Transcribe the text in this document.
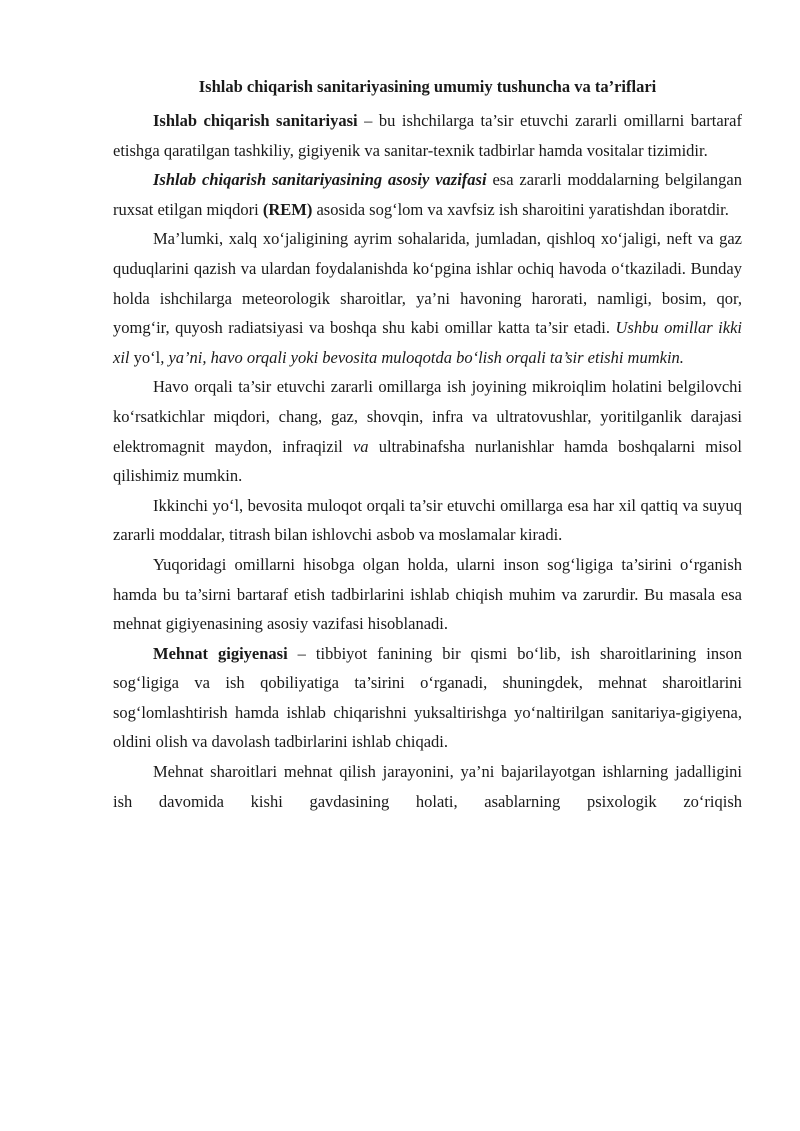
Ishlab chiqarish sanitariyasining umumiy tushuncha va ta’riflari

Ishlab chiqarish sanitariyasi – bu ishchilarga ta’sir etuvchi zararli omillarni bartaraf etishga qaratilgan tashkiliy, gigiyenik va sanitar-texnik tadbirlar hamda vositalar tizimidir.

Ishlab chiqarish sanitariyasining asosiy vazifasi esa zararli moddalarning belgilangan ruxsat etilgan miqdori (REM) asosida sog‘lom va xavfsiz ish sharoitini yaratishdan iboratdir.

Ma’lumki, xalq xo‘jaligining ayrim sohalarida, jumladan, qishloq xo‘jaligi, neft va gaz quduqlarini qazish va ulardan foydalanishda ko‘pgina ishlar ochiq havoda o‘tkaziladi. Bunday holda ishchilarga meteorologik sharoitlar, ya’ni havoning harorati, namligi, bosim, qor, yomg‘ir, quyosh radiatsiyasi va boshqa shu kabi omillar katta ta’sir etadi. Ushbu omillar ikki xil yo‘l, ya’ni, havo orqali yoki bevosita muloqotda bo‘lish orqali ta’sir etishi mumkin.

Havo orqali ta’sir etuvchi zararli omillarga ish joyining mikroiqlim holatini belgilovchi ko‘rsatkichlar miqdori, chang, gaz, shovqin, infra va ultratovushlar, yoritilganlik darajasi elektromagnit maydon, infraqizil va ultrabinafsha nurlanishlar hamda boshqalarni misol qilishimiz mumkin.

Ikkinchi yo‘l, bevosita muloqot orqali ta’sir etuvchi omillarga esa har xil qattiq va suyuq zararli moddalar, titrash bilan ishlovchi asbob va moslamalar kiradi.

Yuqoridagi omillarni hisobga olgan holda, ularni inson sog‘ligiga ta’sirini o‘rganish hamda bu ta’sirni bartaraf etish tadbirlarini ishlab chiqish muhim va zarurdir. Bu masala esa mehnat gigiyenasining asosiy vazifasi hisoblanadi.

Mehnat gigiyenasi – tibbiyot fanining bir qismi bo‘lib, ish sharoitlarining inson sog‘ligiga va ish qobiliyatiga ta’sirini o‘rganadi, shuningdek, mehnat sharoitlarini sog‘lomlashtirish hamda ishlab chiqarishni yuksaltirishga yo‘naltirilgan sanitariya-gigiyena, oldini olish va davolash tadbirlarini ishlab chiqadi.

Mehnat sharoitlari mehnat qilish jarayonini, ya’ni bajarilayotgan ishlarning jadalligini ish davomida kishi gavdasining holati, asablarning psixologik zo‘riqish
